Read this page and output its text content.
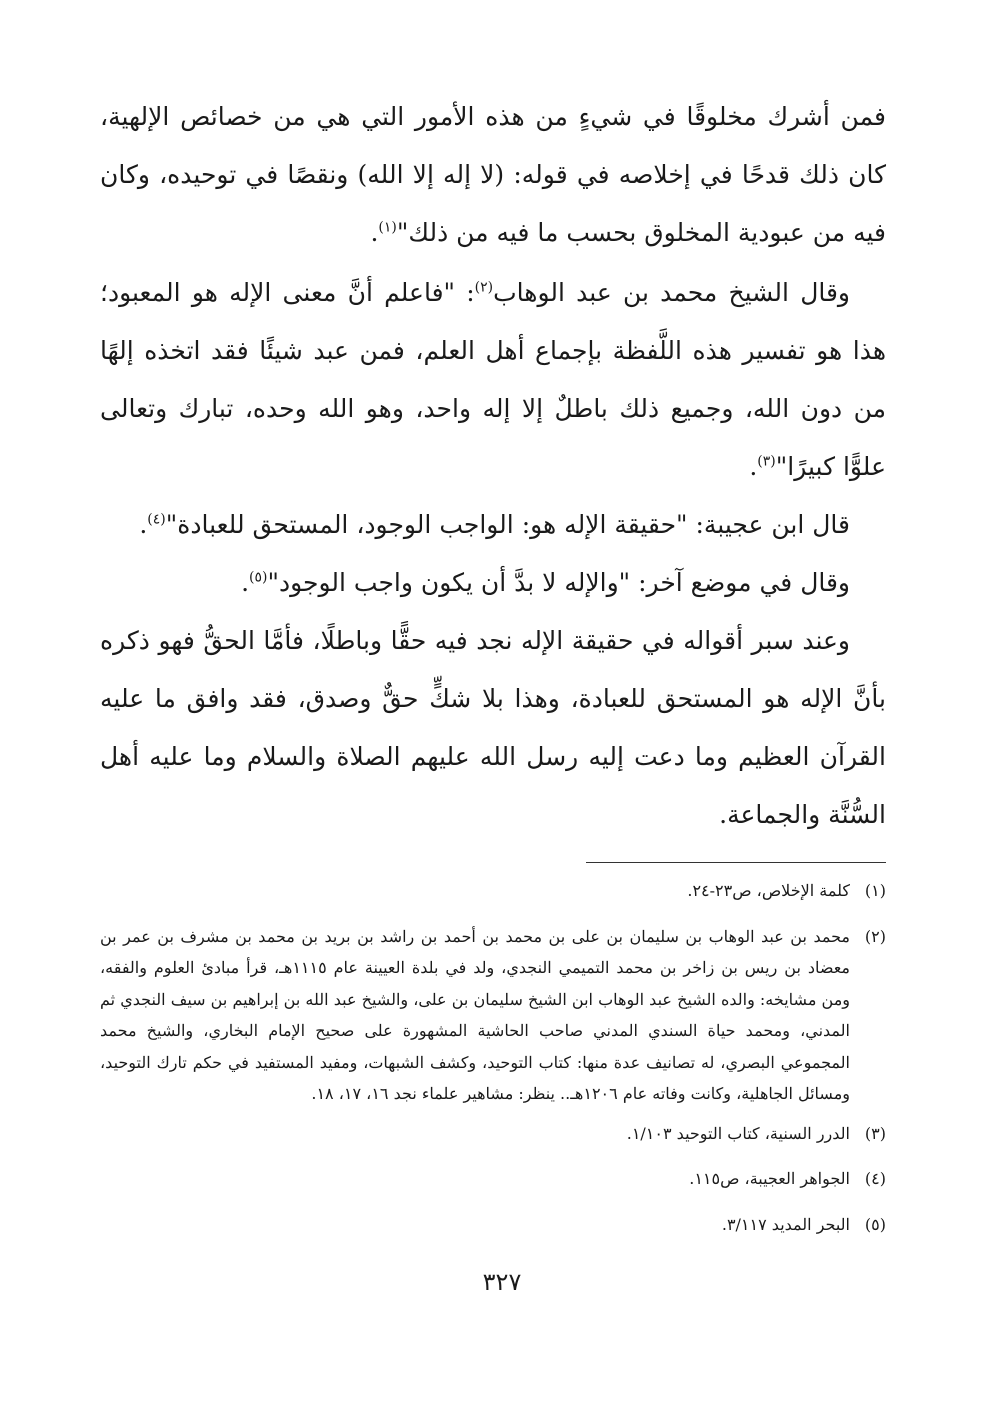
فمن أشرك مخلوقًا في شيءٍ من هذه الأمور التي هي من خصائص الإلهية، كان ذلك قدحًا في إخلاصه في قوله: (لا إله إلا الله) ونقصًا في توحيده، وكان فيه من عبودية المخلوق بحسب ما فيه من ذلك"$^{(١)}$.

وقال الشيخ محمد بن عبد الوهاب$^{(٢)}$: "فاعلم أنَّ معنى الإله هو المعبود؛ هذا هو تفسير هذه اللَّفظة بإجماع أهل العلم، فمن عبد شيئًا فقد اتخذه إلهًا من دون الله، وجميع ذلك باطلٌ إلا إله واحد، وهو الله وحده، تبارك وتعالى علوًّا كبيرًا"$^{(٣)}$.

قال ابن عجيبة: "حقيقة الإله هو: الواجب الوجود، المستحق للعبادة"$^{(٤)}$.

وقال في موضع آخر: "والإله لا بدَّ أن يكون واجب الوجود"$^{(٥)}$.

وعند سبر أقواله في حقيقة الإله نجد فيه حقًّا وباطلًا، فأمَّا الحقُّ فهو ذكره بأنَّ الإله هو المستحق للعبادة، وهذا بلا شكٍّ حقٌّ وصدق، فقد وافق ما عليه القرآن العظيم وما دعت إليه رسل الله عليهم الصلاة والسلام وما عليه أهل السُّنَّة والجماعة.

(١)
كلمة الإخلاص، ص٢٣-٢٤.
(٢)
محمد بن عبد الوهاب بن سليمان بن على بن محمد بن أحمد بن راشد بن بريد بن محمد بن مشرف بن عمر بن معضاد بن ريس بن زاخر بن محمد التميمي النجدي، ولد في بلدة العيينة عام ١١١٥هـ، قرأ مبادئ العلوم والفقه، ومن مشايخه: والده الشيخ عبد الوهاب ابن الشيخ سليمان بن على، والشيخ عبد الله بن إبراهيم بن سيف النجدي ثم المدني، ومحمد حياة السندي المدني صاحب الحاشية المشهورة على صحيح الإمام البخاري، والشيخ محمد المجموعي البصري، له تصانيف عدة منها: كتاب التوحيد، وكشف الشبهات، ومفيد المستفيد في حكم تارك التوحيد، ومسائل الجاهلية، وكانت وفاته عام ١٢٠٦هـ.. ينظر: مشاهير علماء نجد ١٦، ١٧، ١٨.
(٣)
الدرر السنية، كتاب التوحيد ١/١٠٣.
(٤)
الجواهر العجيبة، ص١١٥.
(٥)
البحر المديد ٣/١١٧.
٣٢٧
